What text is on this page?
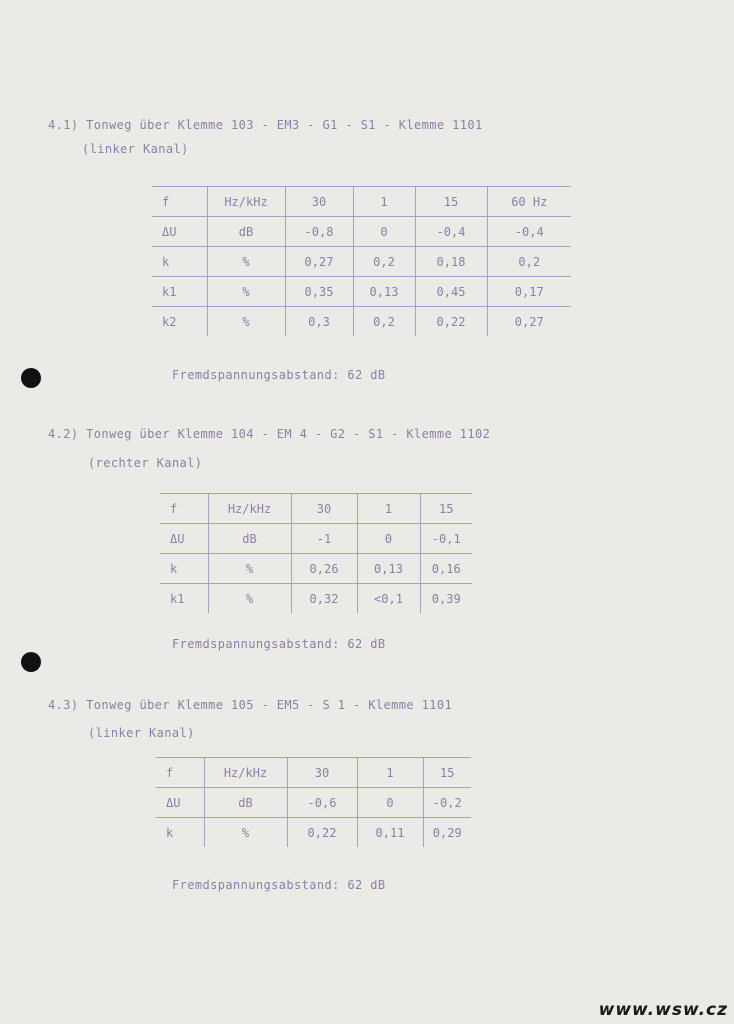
4.1) Tonweg über Klemme 103 - EM3 - G1 - S1 - Klemme 1101
(linker Kanal)
f	Hz/kHz	30	1	15	60 Hz
ΔU	dB	-0,8	0	-0,4	-0,4
k	%	0,27	0,2	0,18	0,2
k1	%	0,35	0,13	0,45	0,17
k2	%	0,3	0,2	0,22	0,27
Fremdspannungsabstand: 62 dB
4.2) Tonweg über Klemme 104 - EM 4 - G2 - S1 - Klemme 1102
(rechter Kanal)
f	Hz/kHz	30	1	15
ΔU	dB	-1	0	-0,1
k	%	0,26	0,13	0,16
k1	%	0,32	<0,1	0,39
Fremdspannungsabstand: 62 dB
4.3) Tonweg über Klemme 105 - EM5 - S 1 - Klemme 1101
(linker Kanal)
f	Hz/kHz	30	1	15
ΔU	dB	-0,6	0	-0,2
k	%	0,22	0,11	0,29
Fremdspannungsabstand: 62 dB
www.wsw.cz
